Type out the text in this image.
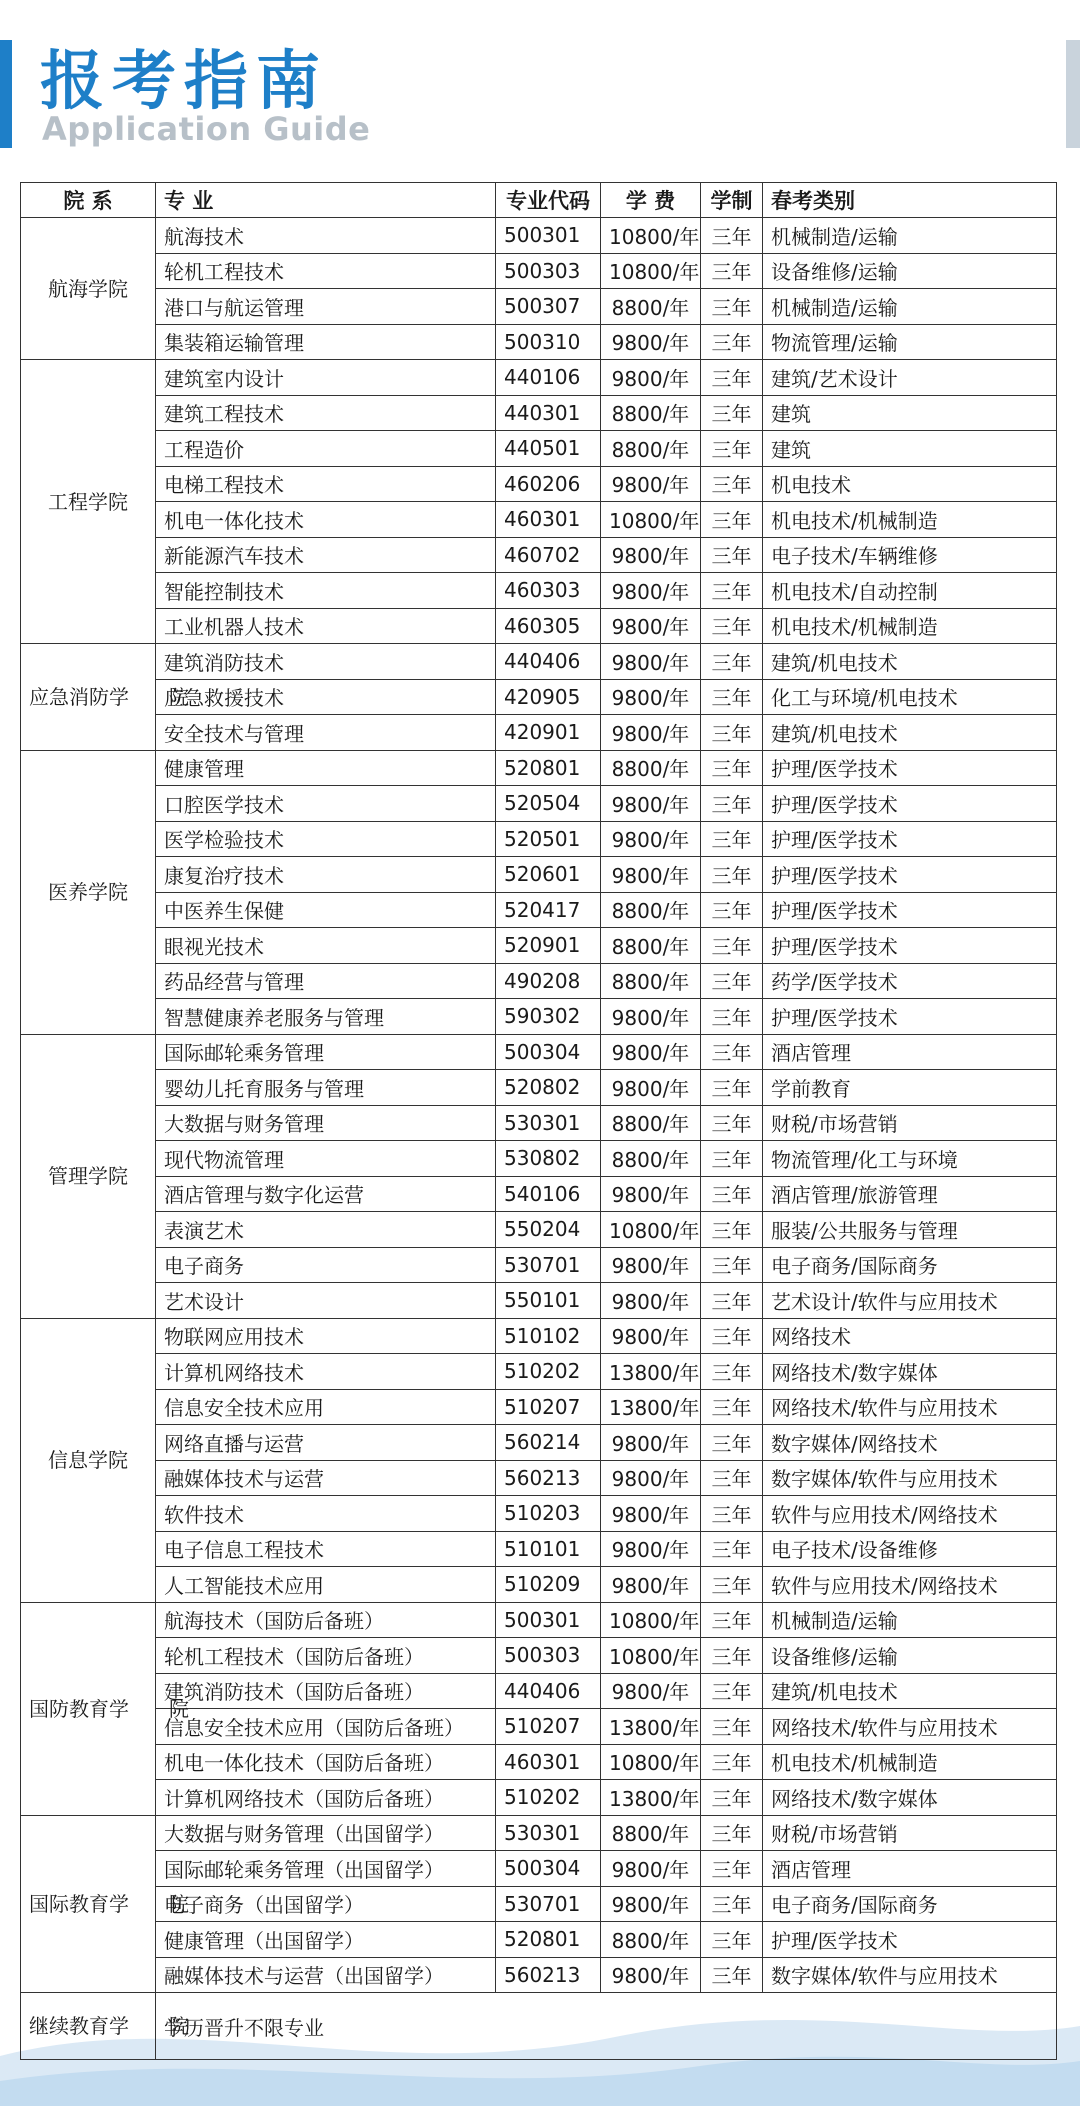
报考指南
Application Guide
院 系	专 业	专业代码	学 费	学制	春考类别
航海学院	航海技术	500301	10800/年	三年	机械制造/运输
	轮机工程技术	500303	10800/年	三年	设备维修/运输
	港口与航运管理	500307	8800/年	三年	机械制造/运输
	集装箱运输管理	500310	9800/年	三年	物流管理/运输
工程学院	建筑室内设计	440106	9800/年	三年	建筑/艺术设计
	建筑工程技术	440301	8800/年	三年	建筑
	工程造价	440501	8800/年	三年	建筑
	电梯工程技术	460206	9800/年	三年	机电技术
	机电一体化技术	460301	10800/年	三年	机电技术/机械制造
	新能源汽车技术	460702	9800/年	三年	电子技术/车辆维修
	智能控制技术	460303	9800/年	三年	机电技术/自动控制
	工业机器人技术	460305	9800/年	三年	机电技术/机械制造
应急消防学　　院	建筑消防技术	440406	9800/年	三年	建筑/机电技术
	应急救援技术	420905	9800/年	三年	化工与环境/机电技术
	安全技术与管理	420901	9800/年	三年	建筑/机电技术
医养学院	健康管理	520801	8800/年	三年	护理/医学技术
	口腔医学技术	520504	9800/年	三年	护理/医学技术
	医学检验技术	520501	9800/年	三年	护理/医学技术
	康复治疗技术	520601	9800/年	三年	护理/医学技术
	中医养生保健	520417	8800/年	三年	护理/医学技术
	眼视光技术	520901	8800/年	三年	护理/医学技术
	药品经营与管理	490208	8800/年	三年	药学/医学技术
	智慧健康养老服务与管理	590302	9800/年	三年	护理/医学技术
管理学院	国际邮轮乘务管理	500304	9800/年	三年	酒店管理
	婴幼儿托育服务与管理	520802	9800/年	三年	学前教育
	大数据与财务管理	530301	8800/年	三年	财税/市场营销
	现代物流管理	530802	8800/年	三年	物流管理/化工与环境
	酒店管理与数字化运营	540106	9800/年	三年	酒店管理/旅游管理
	表演艺术	550204	10800/年	三年	服装/公共服务与管理
	电子商务	530701	9800/年	三年	电子商务/国际商务
	艺术设计	550101	9800/年	三年	艺术设计/软件与应用技术
信息学院	物联网应用技术	510102	9800/年	三年	网络技术
	计算机网络技术	510202	13800/年	三年	网络技术/数字媒体
	信息安全技术应用	510207	13800/年	三年	网络技术/软件与应用技术
	网络直播与运营	560214	9800/年	三年	数字媒体/网络技术
	融媒体技术与运营	560213	9800/年	三年	数字媒体/软件与应用技术
	软件技术	510203	9800/年	三年	软件与应用技术/网络技术
	电子信息工程技术	510101	9800/年	三年	电子技术/设备维修
	人工智能技术应用	510209	9800/年	三年	软件与应用技术/网络技术
国防教育学　　院	航海技术（国防后备班）	500301	10800/年	三年	机械制造/运输
	轮机工程技术（国防后备班）	500303	10800/年	三年	设备维修/运输
	建筑消防技术（国防后备班）	440406	9800/年	三年	建筑/机电技术
	信息安全技术应用（国防后备班）	510207	13800/年	三年	网络技术/软件与应用技术
	机电一体化技术（国防后备班）	460301	10800/年	三年	机电技术/机械制造
	计算机网络技术（国防后备班）	510202	13800/年	三年	网络技术/数字媒体
国际教育学　　院	大数据与财务管理（出国留学）	530301	8800/年	三年	财税/市场营销
	国际邮轮乘务管理（出国留学）	500304	9800/年	三年	酒店管理
	电子商务（出国留学）	530701	9800/年	三年	电子商务/国际商务
	健康管理（出国留学）	520801	8800/年	三年	护理/医学技术
	融媒体技术与运营（出国留学）	560213	9800/年	三年	数字媒体/软件与应用技术
继续教育学　　院	学历晋升不限专业				
